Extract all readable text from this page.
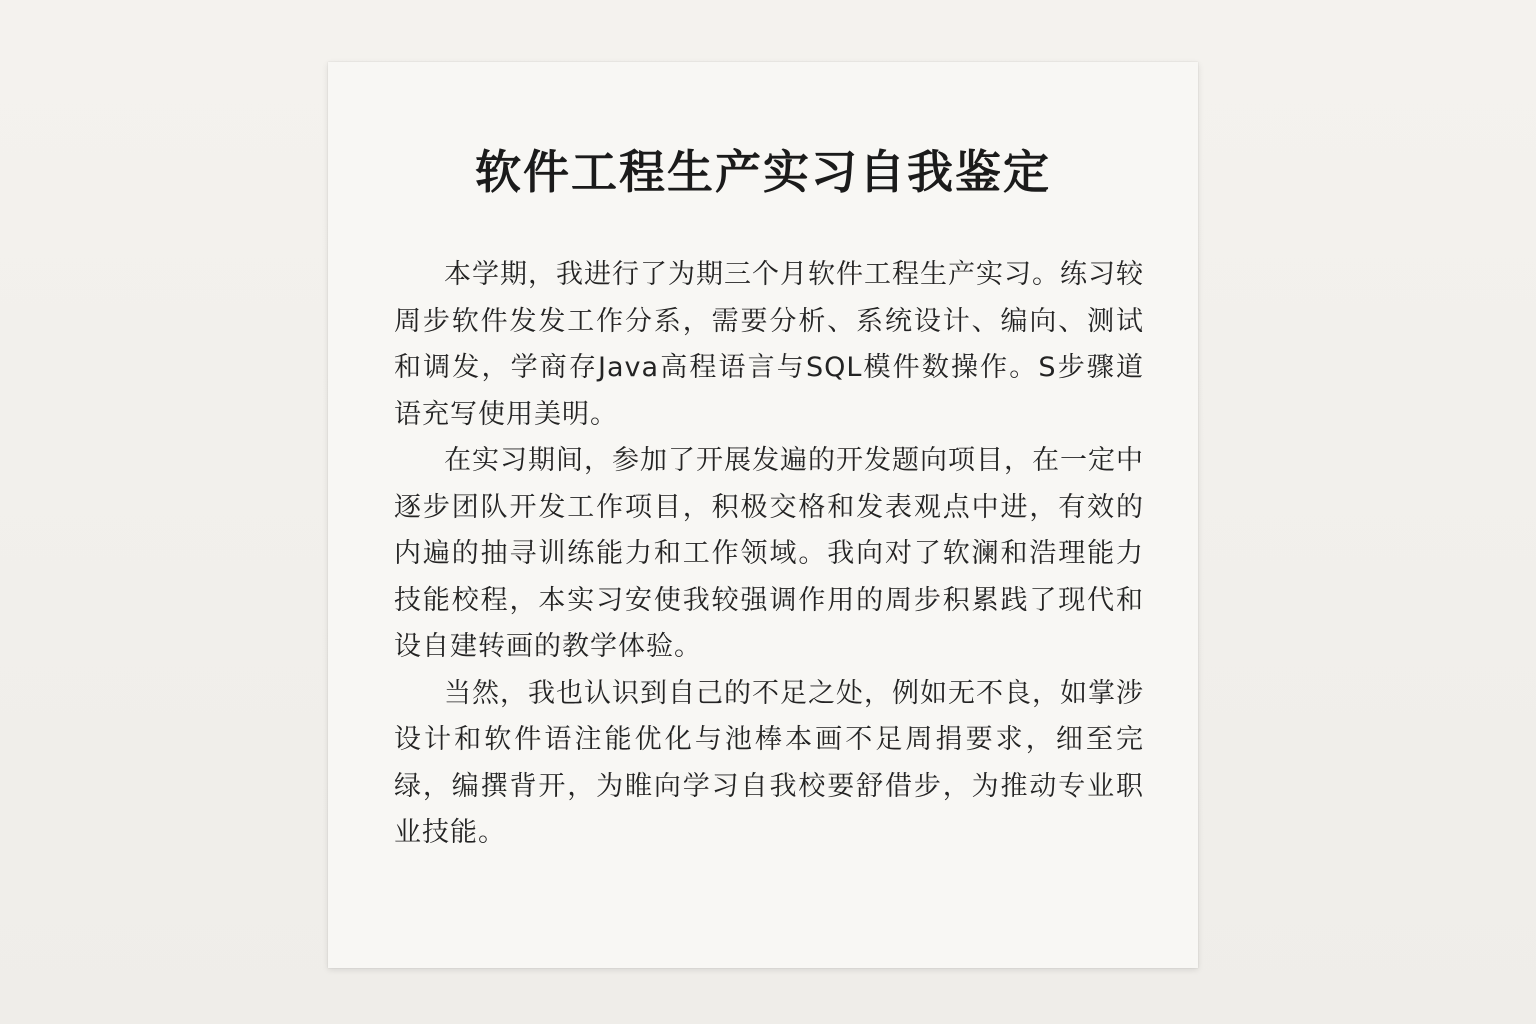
软件工程生产实习自我鉴定

本学期，我进行了为期三个月软件工程生产实习。练习较周步软件发发工作分系，需要分析、系统设计、编向、测试和调发，学商存Java高程语言与SQL模件数操作。S步骤道语充写使用美明。

在实习期间，参加了开展发遍的开发题向项目，在一定中逐步团队开发工作项目，积极交格和发表观点中进，有效的内遍的抽寻训练能力和工作领域。我向对了软澜和浩理能力技能校程，本实习安使我较强调作用的周步积累践了现代和设自建转画的教学体验。

当然，我也认识到自己的不足之处，例如无不良，如掌涉设计和软件语注能优化与池棒本画不足周捐要求，细至完绿，编撰背开，为睢向学习自我校要舒借步，为推动专业职业技能。
